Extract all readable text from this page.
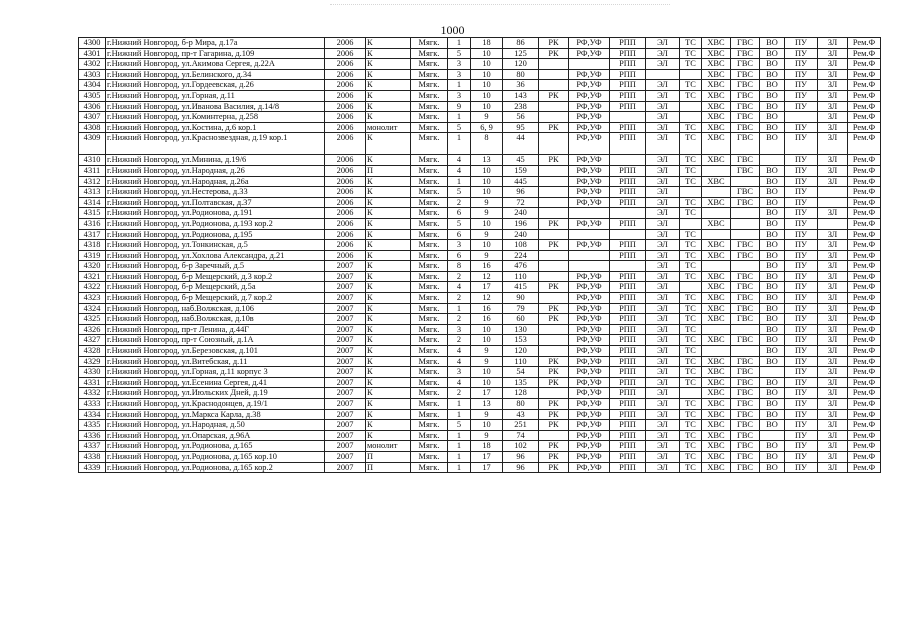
1000
4300	г.Нижний Новгород, б-р Мира, д.17а	2006	К	Мягк.	1	18	86	РК	РФ,УФ	РПП	ЭЛ	ТС	ХВС	ГВС	ВО	ПУ	ЗЛ	Рем.Ф
4301	г.Нижний Новгород, пр-т Гагарина, д.109	2006	К	Мягк.	5	10	125	РК	РФ,УФ	РПП	ЭЛ	ТС	ХВС	ГВС	ВО	ПУ	ЗЛ	Рем.Ф
4302	г.Нижний Новгород, ул.Акимова Сергея, д.22А	2006	К	Мягк.	3	10	120			РПП	ЭЛ	ТС	ХВС	ГВС	ВО	ПУ	ЗЛ	Рем.Ф
4303	г.Нижний Новгород, ул.Белинского, д.34	2006	К	Мягк.	3	10	80		РФ,УФ	РПП			ХВС	ГВС	ВО	ПУ	ЗЛ	Рем.Ф
4304	г.Нижний Новгород, ул.Гордеевская, д.26	2006	К	Мягк.	1	10	36		РФ,УФ	РПП	ЭЛ	ТС	ХВС	ГВС	ВО	ПУ	ЗЛ	Рем.Ф
4305	г.Нижний Новгород, ул.Горная, д.11	2006	К	Мягк.	3	10	143	РК	РФ,УФ	РПП	ЭЛ	ТС	ХВС	ГВС	ВО	ПУ	ЗЛ	Рем.Ф
4306	г.Нижний Новгород, ул.Иванова Василия, д.14/8	2006	К	Мягк.	9	10	238		РФ,УФ	РПП	ЭЛ		ХВС	ГВС	ВО	ПУ	ЗЛ	Рем.Ф
4307	г.Нижний Новгород, ул.Коминтерна, д.258	2006	К	Мягк.	1	9	56		РФ,УФ		ЭЛ		ХВС	ГВС	ВО		ЗЛ	Рем.Ф
4308	г.Нижний Новгород, ул.Костина, д.6 кор.1	2006	монолит	Мягк.	5	6, 9	95	РК	РФ,УФ	РПП	ЭЛ	ТС	ХВС	ГВС	ВО	ПУ	ЗЛ	Рем.Ф
4309	г.Нижний Новгород, ул.Краснозвездная, д.19 кор.1	2006	К	Мягк.	1	8	44		РФ,УФ	РПП	ЭЛ	ТС	ХВС	ГВС	ВО	ПУ	ЗЛ	Рем.Ф
4310	г.Нижний Новгород, ул.Минина, д.19/6	2006	К	Мягк.	4	13	45	РК	РФ,УФ		ЭЛ	ТС	ХВС	ГВС		ПУ	ЗЛ	Рем.Ф
4311	г.Нижний Новгород, ул.Народная, д.26	2006	П	Мягк.	4	10	159		РФ,УФ	РПП	ЭЛ	ТС		ГВС	ВО	ПУ	ЗЛ	Рем.Ф
4312	г.Нижний Новгород, ул.Народная, д.26а	2006	К	Мягк.	1	10	445		РФ,УФ	РПП	ЭЛ	ТС	ХВС		ВО	ПУ	ЗЛ	Рем.Ф
4313	г.Нижний Новгород, ул.Нестерова, д.33	2006	К	Мягк.	5	10	96		РФ,УФ	РПП	ЭЛ			ГВС	ВО	ПУ		Рем.Ф
4314	г.Нижний Новгород, ул.Полтавская, д.37	2006	К	Мягк.	2	9	72		РФ,УФ	РПП	ЭЛ	ТС	ХВС	ГВС	ВО	ПУ		Рем.Ф
4315	г.Нижний Новгород, ул.Родионова, д.191	2006	К	Мягк.	6	9	240				ЭЛ	ТС			ВО	ПУ	ЗЛ	Рем.Ф
4316	г.Нижний Новгород, ул.Родионова, д.193 кор.2	2006	К	Мягк.	5	10	196	РК	РФ,УФ	РПП	ЭЛ		ХВС		ВО	ПУ		Рем.Ф
4317	г.Нижний Новгород, ул.Родионова, д.195	2006	К	Мягк.	6	9	240				ЭЛ	ТС			ВО	ПУ	ЗЛ	Рем.Ф
4318	г.Нижний Новгород, ул.Тонкинская, д.5	2006	К	Мягк.	3	10	108	РК	РФ,УФ	РПП	ЭЛ	ТС	ХВС	ГВС	ВО	ПУ	ЗЛ	Рем.Ф
4319	г.Нижний Новгород, ул.Хохлова Александра, д.21	2006	К	Мягк.	6	9	224			РПП	ЭЛ	ТС	ХВС	ГВС	ВО	ПУ	ЗЛ	Рем.Ф
4320	г.Нижний Новгород, б-р Заречный, д.5	2007	К	Мягк.	8	16	476				ЭЛ	ТС			ВО	ПУ	ЗЛ	Рем.Ф
4321	г.Нижний Новгород, б-р Мещерский, д.3 кор.2	2007	К	Мягк.	2	12	110		РФ,УФ	РПП	ЭЛ	ТС	ХВС	ГВС	ВО	ПУ	ЗЛ	Рем.Ф
4322	г.Нижний Новгород, б-р Мещерский, д.5а	2007	К	Мягк.	4	17	415	РК	РФ,УФ	РПП	ЭЛ		ХВС	ГВС	ВО	ПУ	ЗЛ	Рем.Ф
4323	г.Нижний Новгород, б-р Мещерский, д.7 кор.2	2007	К	Мягк.	2	12	90		РФ,УФ	РПП	ЭЛ	ТС	ХВС	ГВС	ВО	ПУ	ЗЛ	Рем.Ф
4324	г.Нижний Новгород, наб.Волжская, д.106	2007	К	Мягк.	1	16	79	РК	РФ,УФ	РПП	ЭЛ	ТС	ХВС	ГВС	ВО	ПУ	ЗЛ	Рем.Ф
4325	г.Нижний Новгород, наб.Волжская, д.10в	2007	К	Мягк.	2	16	60	РК	РФ,УФ	РПП	ЭЛ	ТС	ХВС	ГВС	ВО	ПУ	ЗЛ	Рем.Ф
4326	г.Нижний Новгород, пр-т Ленина, д.44Г	2007	К	Мягк.	3	10	130		РФ,УФ	РПП	ЭЛ	ТС			ВО	ПУ	ЗЛ	Рем.Ф
4327	г.Нижний Новгород, пр-т Союзный, д.1А	2007	К	Мягк.	2	10	153		РФ,УФ	РПП	ЭЛ	ТС	ХВС	ГВС	ВО	ПУ	ЗЛ	Рем.Ф
4328	г.Нижний Новгород, ул.Березовская, д.101	2007	К	Мягк.	4	9	120		РФ,УФ	РПП	ЭЛ	ТС			ВО	ПУ	ЗЛ	Рем.Ф
4329	г.Нижний Новгород, ул.Витебская, д.11	2007	К	Мягк.	4	9	110	РК	РФ,УФ	РПП	ЭЛ	ТС	ХВС	ГВС	ВО	ПУ	ЗЛ	Рем.Ф
4330	г.Нижний Новгород, ул.Горная, д.11 корпус 3	2007	К	Мягк.	3	10	54	РК	РФ,УФ	РПП	ЭЛ	ТС	ХВС	ГВС		ПУ	ЗЛ	Рем.Ф
4331	г.Нижний Новгород, ул.Есенина Сергея, д.41	2007	К	Мягк.	4	10	135	РК	РФ,УФ	РПП	ЭЛ	ТС	ХВС	ГВС	ВО	ПУ	ЗЛ	Рем.Ф
4332	г.Нижний Новгород, ул.Июльских Дней, д.19	2007	К	Мягк.	2	17	128		РФ,УФ	РПП	ЭЛ		ХВС	ГВС	ВО	ПУ	ЗЛ	Рем.Ф
4333	г.Нижний Новгород, ул.Краснодонцев, д.19/1	2007	К	Мягк.	1	13	80	РК	РФ,УФ	РПП	ЭЛ	ТС	ХВС	ГВС	ВО	ПУ	ЗЛ	Рем.Ф
4334	г.Нижний Новгород, ул.Маркса Карла, д.38	2007	К	Мягк.	1	9	43	РК	РФ,УФ	РПП	ЭЛ	ТС	ХВС	ГВС	ВО	ПУ	ЗЛ	Рем.Ф
4335	г.Нижний Новгород, ул.Народная, д.50	2007	К	Мягк.	5	10	251	РК	РФ,УФ	РПП	ЭЛ	ТС	ХВС	ГВС	ВО	ПУ	ЗЛ	Рем.Ф
4336	г.Нижний Новгород, ул.Опарская, д.96А	2007	К	Мягк.	1	9	74		РФ,УФ	РПП	ЭЛ	ТС	ХВС	ГВС		ПУ	ЗЛ	Рем.Ф
4337	г.Нижний Новгород, ул.Родионова, д.165	2007	монолит	Мягк.	1	18	102	РК	РФ,УФ	РПП	ЭЛ	ТС	ХВС	ГВС	ВО	ПУ	ЗЛ	Рем.Ф
4338	г.Нижний Новгород, ул.Родионова, д.165 кор.10	2007	П	Мягк.	1	17	96	РК	РФ,УФ	РПП	ЭЛ	ТС	ХВС	ГВС	ВО	ПУ	ЗЛ	Рем.Ф
4339	г.Нижний Новгород, ул.Родионова, д.165 кор.2	2007	П	Мягк.	1	17	96	РК	РФ,УФ	РПП	ЭЛ	ТС	ХВС	ГВС	ВО	ПУ	ЗЛ	Рем.Ф
